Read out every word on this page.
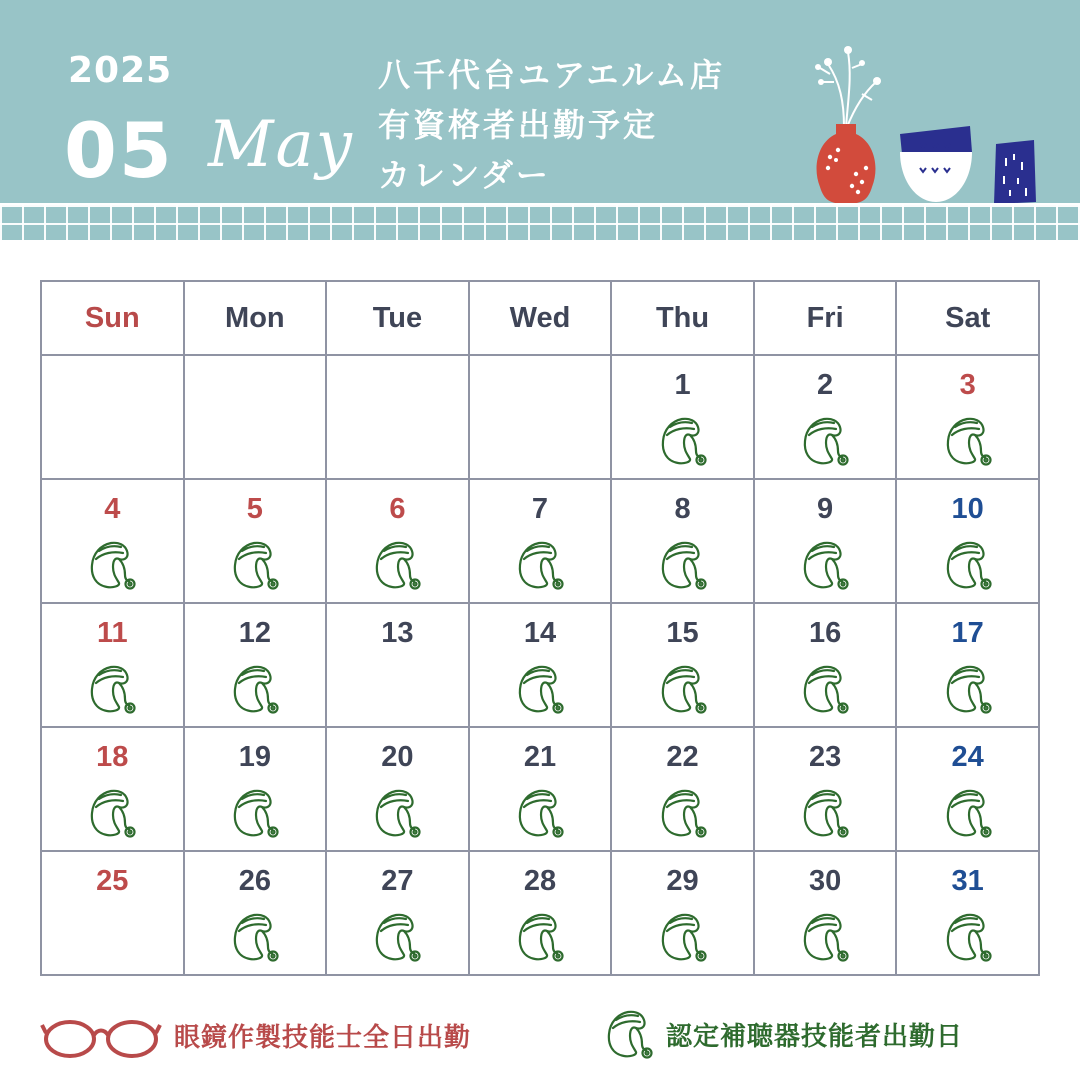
2025
05 May
八千代台ユアエルム店
有資格者出勤予定
カレンダー
Sun	Mon	Tue	Wed	Thu	Fri	Sat

				1	2	3

4	5	6	7	8	9	10

11	12	13	14	15	16	17

18	19	20	21	22	23	24

25	26	27	28	29	30	31
眼鏡作製技能士全日出勤	認定補聴器技能者出勤日
